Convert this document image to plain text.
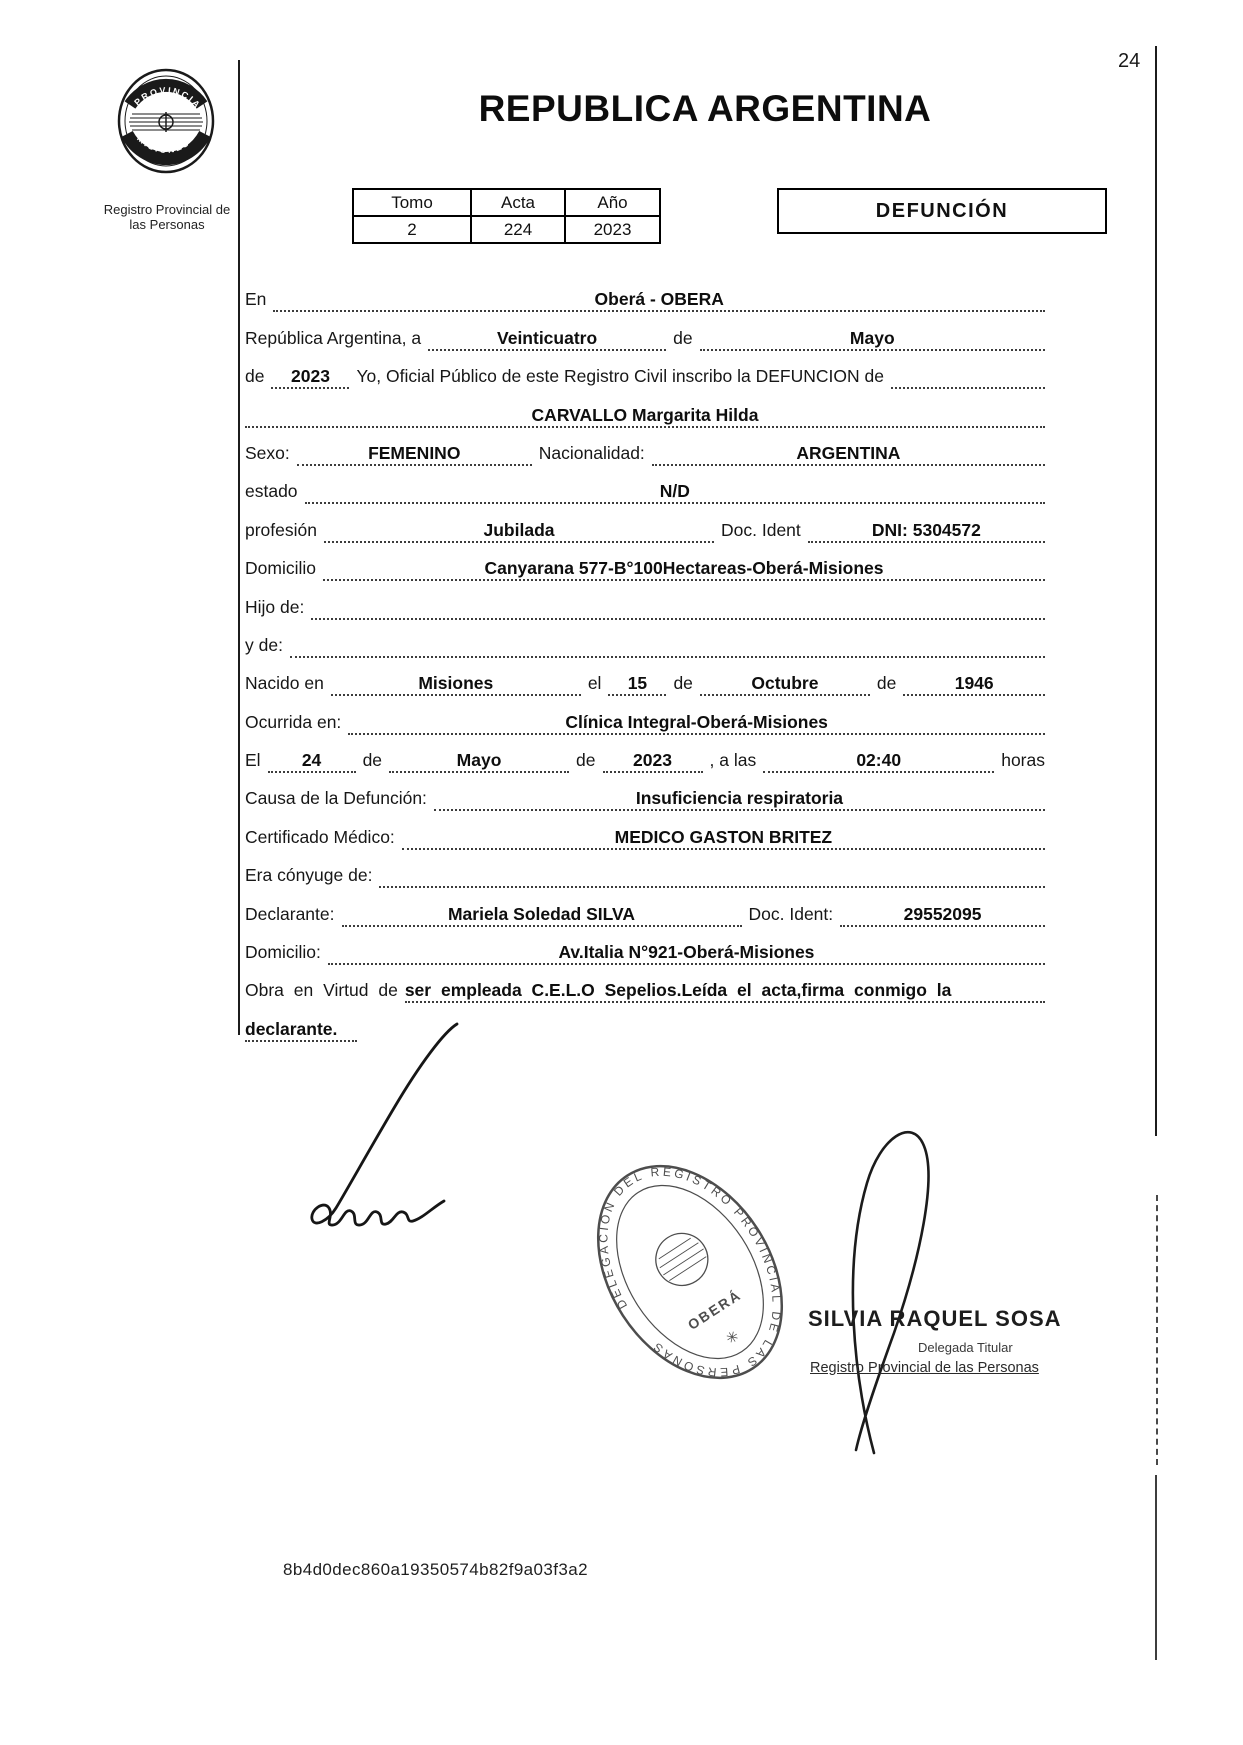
24
PROVINCIA
MISIONES
Registro Provincial de
las Personas
REPUBLICA ARGENTINA
Tomo	Acta	Año
2	224	2023
DEFUNCIÓN
En	Oberá - OBERA
República Argentina, a	Veinticuatro	de	Mayo
de	2023	Yo, Oficial Público de este Registro Civil inscribo la DEFUNCION de
CARVALLO Margarita Hilda
Sexo:	FEMENINO	Nacionalidad:	ARGENTINA
estado	N/D
profesión	Jubilada	Doc. Ident	DNI: 5304572
Domicilio	Canyarana 577-B°100Hectareas-Oberá-Misiones
Hijo de:
y de:
Nacido en	Misiones	el	15	de	Octubre	de	1946
Ocurrida en:	Clínica Integral-Oberá-Misiones
El	24	de	Mayo	de	2023	, a las	02:40	horas
Causa de la Defunción:	Insuficiencia respiratoria
Certificado Médico:	MEDICO GASTON BRITEZ
Era cónyuge de:
Declarante:	Mariela Soledad SILVA	Doc. Ident:	29552095
Domicilio:	Av.Italia N°921-Oberá-Misiones
Obra en Virtud de ser empleada C.E.L.O Sepelios.Leída el acta,firma conmigo la
declarante.
DELEGACION DEL REGISTRO PROVINCIAL DE LAS PERSONAS
OBERÁ
✳
SILVIA RAQUEL SOSA
Delegada Titular
Registro Provincial de las Personas
8b4d0dec860a19350574b82f9a03f3a2
